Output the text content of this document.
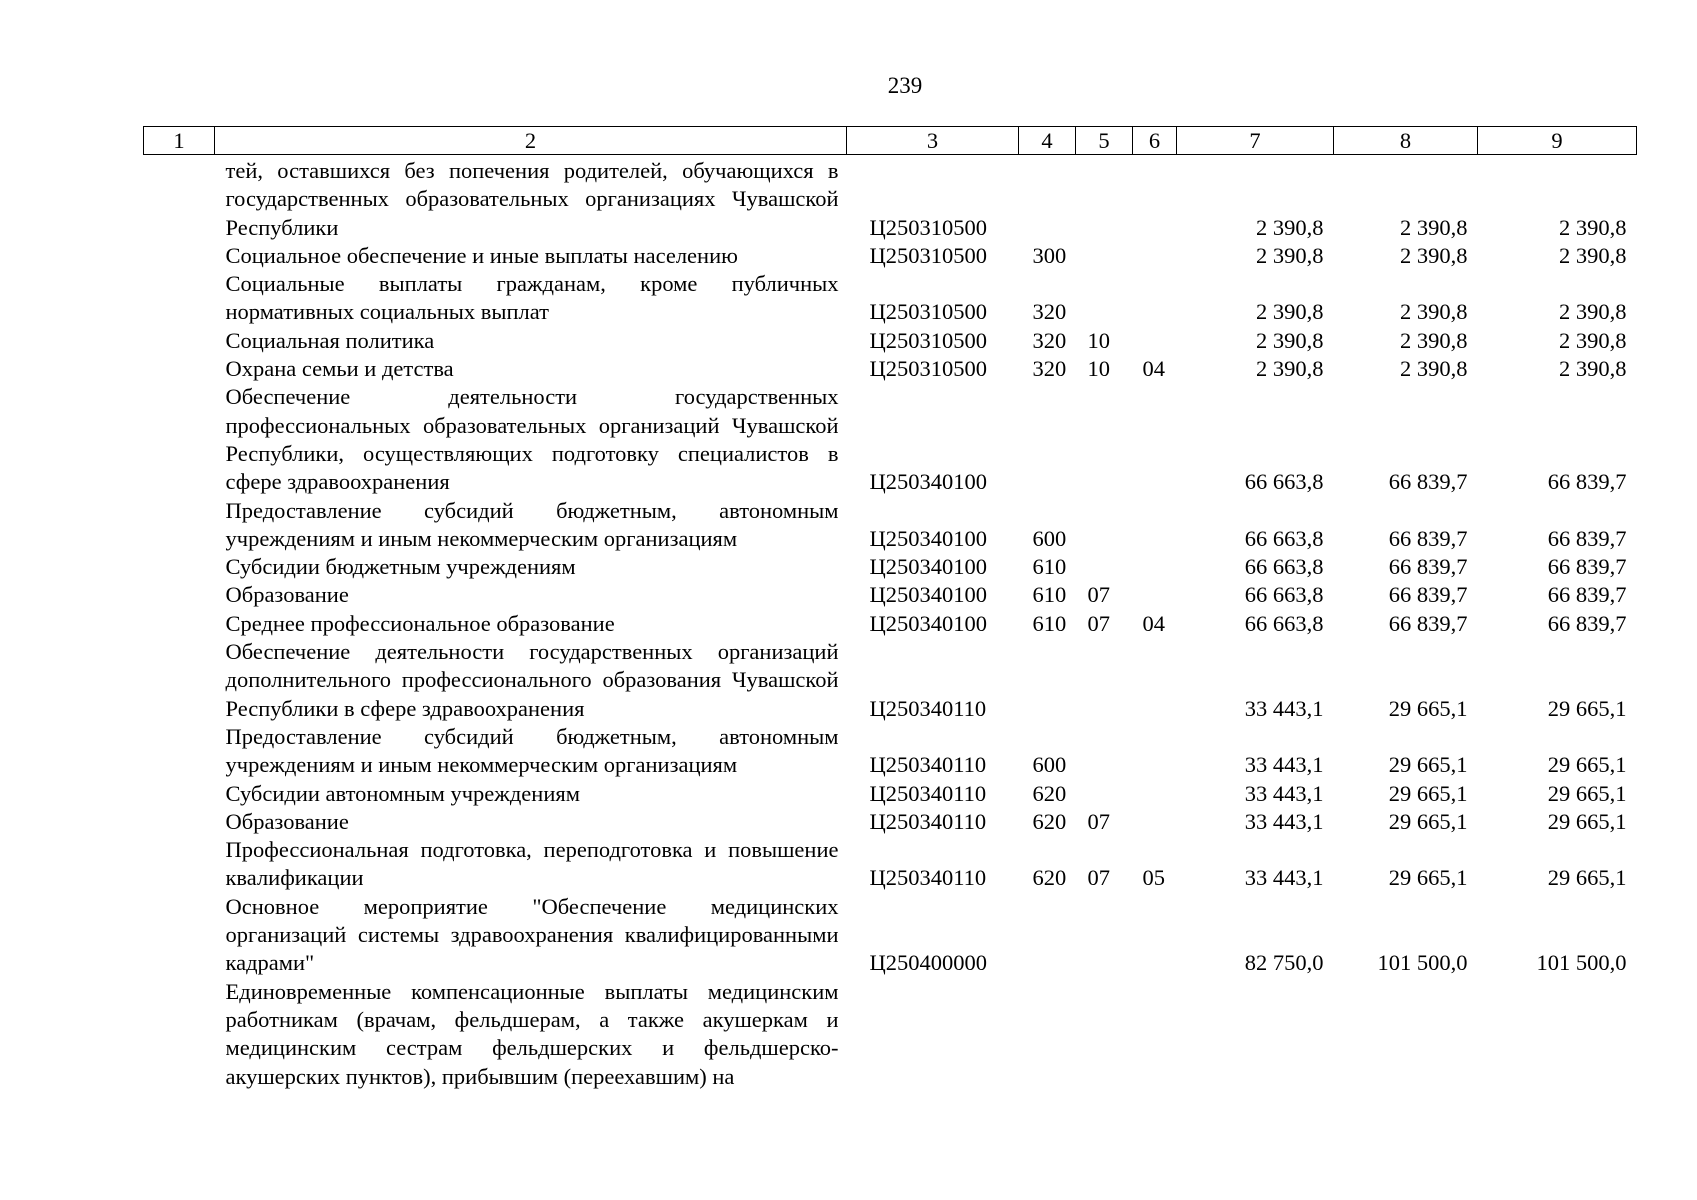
239
1	2	3	4	5	6	7	8	9
	тей, оставшихся без попечения родителей, обучающихся в государственных образовательных организациях Чувашской Республики	Ц250310500				2 390,8	2 390,8	2 390,8
	Социальное обеспечение и иные выплаты населению	Ц250310500	300			2 390,8	2 390,8	2 390,8
	Социальные выплаты гражданам, кроме публичных нормативных социальных выплат	Ц250310500	320			2 390,8	2 390,8	2 390,8
	Социальная политика	Ц250310500	320	10		2 390,8	2 390,8	2 390,8
	Охрана семьи и детства	Ц250310500	320	10	04	2 390,8	2 390,8	2 390,8
	Обеспечение деятельности государственных профессиональных образовательных организаций Чувашской Республики, осуществляющих подготовку специалистов в сфере здравоохранения	Ц250340100				66 663,8	66 839,7	66 839,7
	Предоставление субсидий бюджетным, автономным учреждениям и иным некоммерческим организациям	Ц250340100	600			66 663,8	66 839,7	66 839,7
	Субсидии бюджетным учреждениям	Ц250340100	610			66 663,8	66 839,7	66 839,7
	Образование	Ц250340100	610	07		66 663,8	66 839,7	66 839,7
	Среднее профессиональное образование	Ц250340100	610	07	04	66 663,8	66 839,7	66 839,7
	Обеспечение деятельности государственных организаций дополнительного профессионального образования Чувашской Республики в сфере здравоохранения	Ц250340110				33 443,1	29 665,1	29 665,1
	Предоставление субсидий бюджетным, автономным учреждениям и иным некоммерческим организациям	Ц250340110	600			33 443,1	29 665,1	29 665,1
	Субсидии автономным учреждениям	Ц250340110	620			33 443,1	29 665,1	29 665,1
	Образование	Ц250340110	620	07		33 443,1	29 665,1	29 665,1
	Профессиональная подготовка, переподготовка и повышение квалификации	Ц250340110	620	07	05	33 443,1	29 665,1	29 665,1
	Основное мероприятие "Обеспечение медицинских организаций системы здравоохранения квалифицированными кадрами"	Ц250400000				82 750,0	101 500,0	101 500,0
	Единовременные компенсационные выплаты медицинским работникам (врачам, фельдшерам, а также акушеркам и медицинским сестрам фельдшерских и фельдшерско-акушерских пунктов), прибывшим (переехавшим) на							
